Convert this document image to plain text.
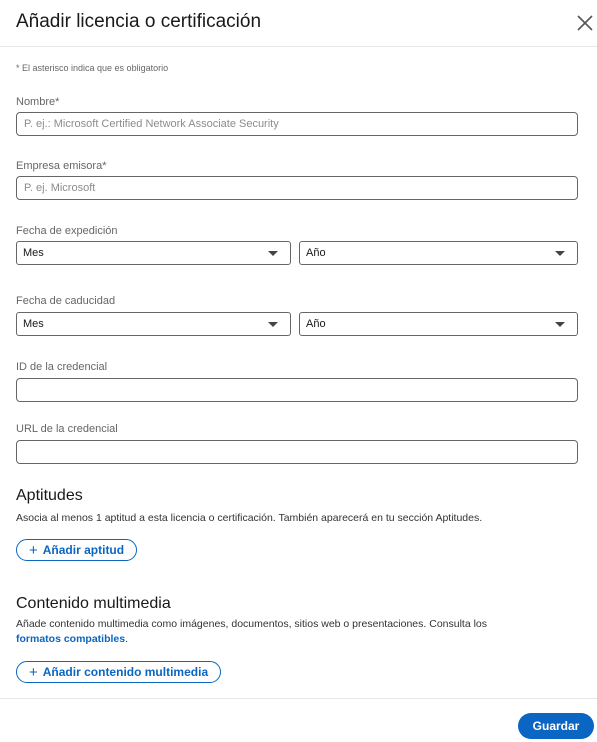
Añadir licencia o certificación
* El asterisco indica que es obligatorio
Nombre*
P. ej.: Microsoft Certified Network Associate Security
Empresa emisora*
P. ej. Microsoft
Fecha de expedición
Mes	Año
Fecha de caducidad
Mes	Año
ID de la credencial
URL de la credencial
Aptitudes
Asocia al menos 1 aptitud a esta licencia o certificación. También aparecerá en tu sección Aptitudes.
+ Añadir aptitud
Contenido multimedia
Añade contenido multimedia como imágenes, documentos, sitios web o presentaciones. Consulta los
formatos compatibles.
+ Añadir contenido multimedia
Guardar
